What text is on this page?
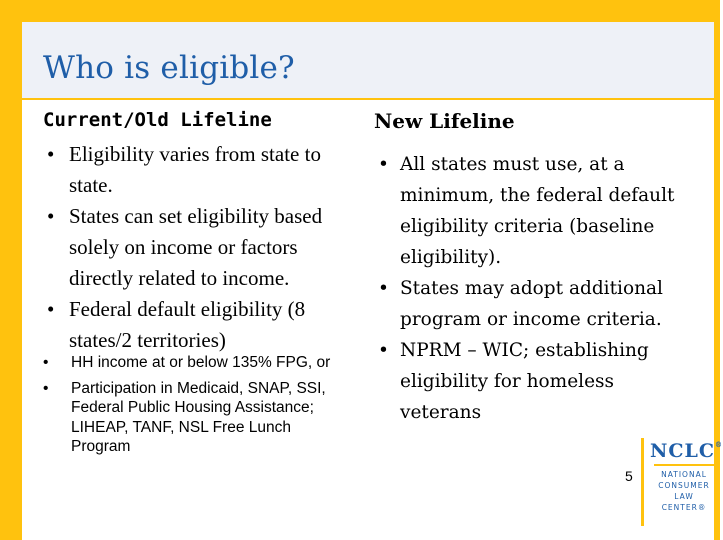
Who is eligible?
Current/Old Lifeline
• Eligibility varies from state to state.
• States can set eligibility based solely on income or factors directly related to income.
• Federal default eligibility (8 states/2 territories)
• HH income at or below 135% FPG, or
• Participation in Medicaid, SNAP, SSI, Federal Public Housing Assistance; LIHEAP, TANF, NSL Free Lunch Program
New Lifeline
• All states must use, at a minimum, the federal default eligibility criteria (baseline eligibility).
• States may adopt additional program or income criteria.
• NPRM – WIC; establishing eligibility for homeless veterans
5
NCLC®
NATIONAL
CONSUMER
LAW
CENTER®
